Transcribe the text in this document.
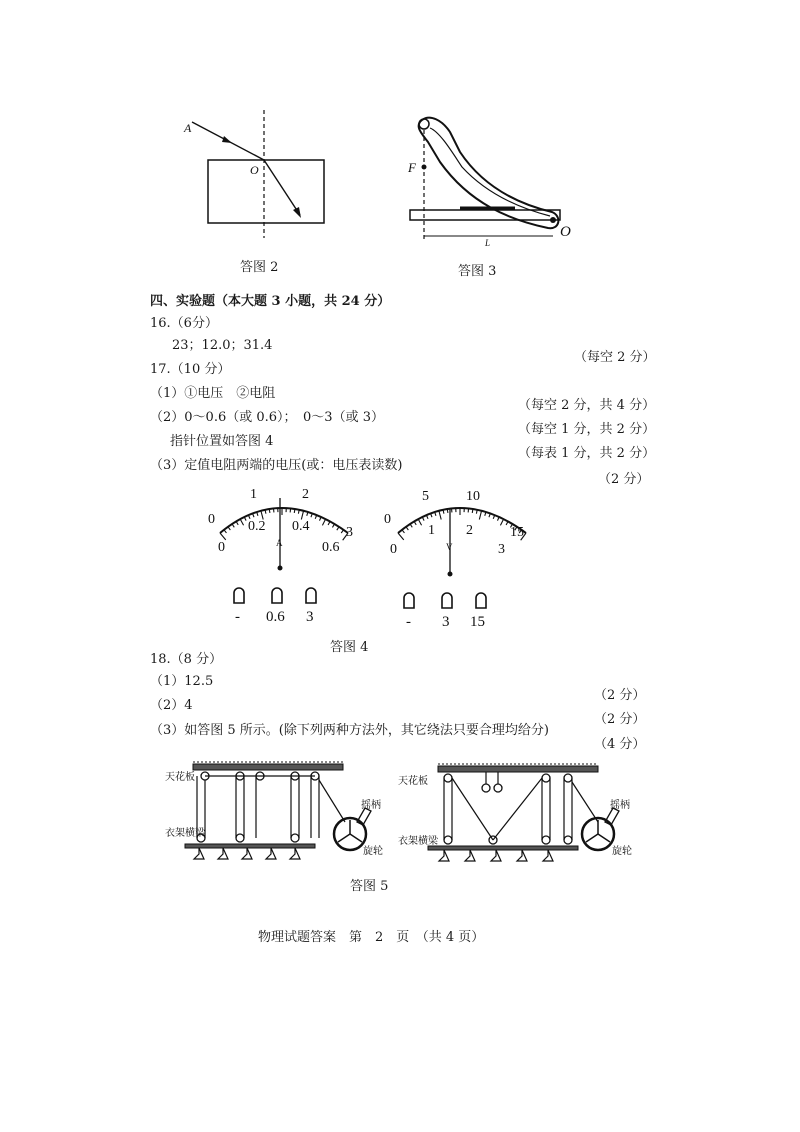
A
O
答图 2
F
L
O
答图 3
四、实验题（本大题 3 小题，共 24 分）
16.（6分）
23；12.0；31.4
（每空 2 分）
17.（10 分）
（1）①电压　②电阻
（每空 2 分，共 4 分）
（2）0～0.6（或 0.6）；　0～3（或 3）
（每空 1 分，共 2 分）
指针位置如答图 4
（每表 1 分，共 2 分）
（3）定值电阻两端的电压(或：电压表读数)
（2 分）
0
1	2
3
0
0.2 0.4
0.6
A
- 0.6 3
0
5	10
15
0
1 2
3
V
- 3 15
答图 4
18.（8 分）
（1）12.5
（2）4
（2 分）
（2 分）
（3）如答图 5 所示。(除下列两种方法外，其它绕法只要合理均给分)
（4 分）
天花板
衣架横梁
摇柄
旋轮
天花板
衣架横梁
摇柄
旋轮
答图 5
物理试题答案　第　2　页　（共 4 页）
